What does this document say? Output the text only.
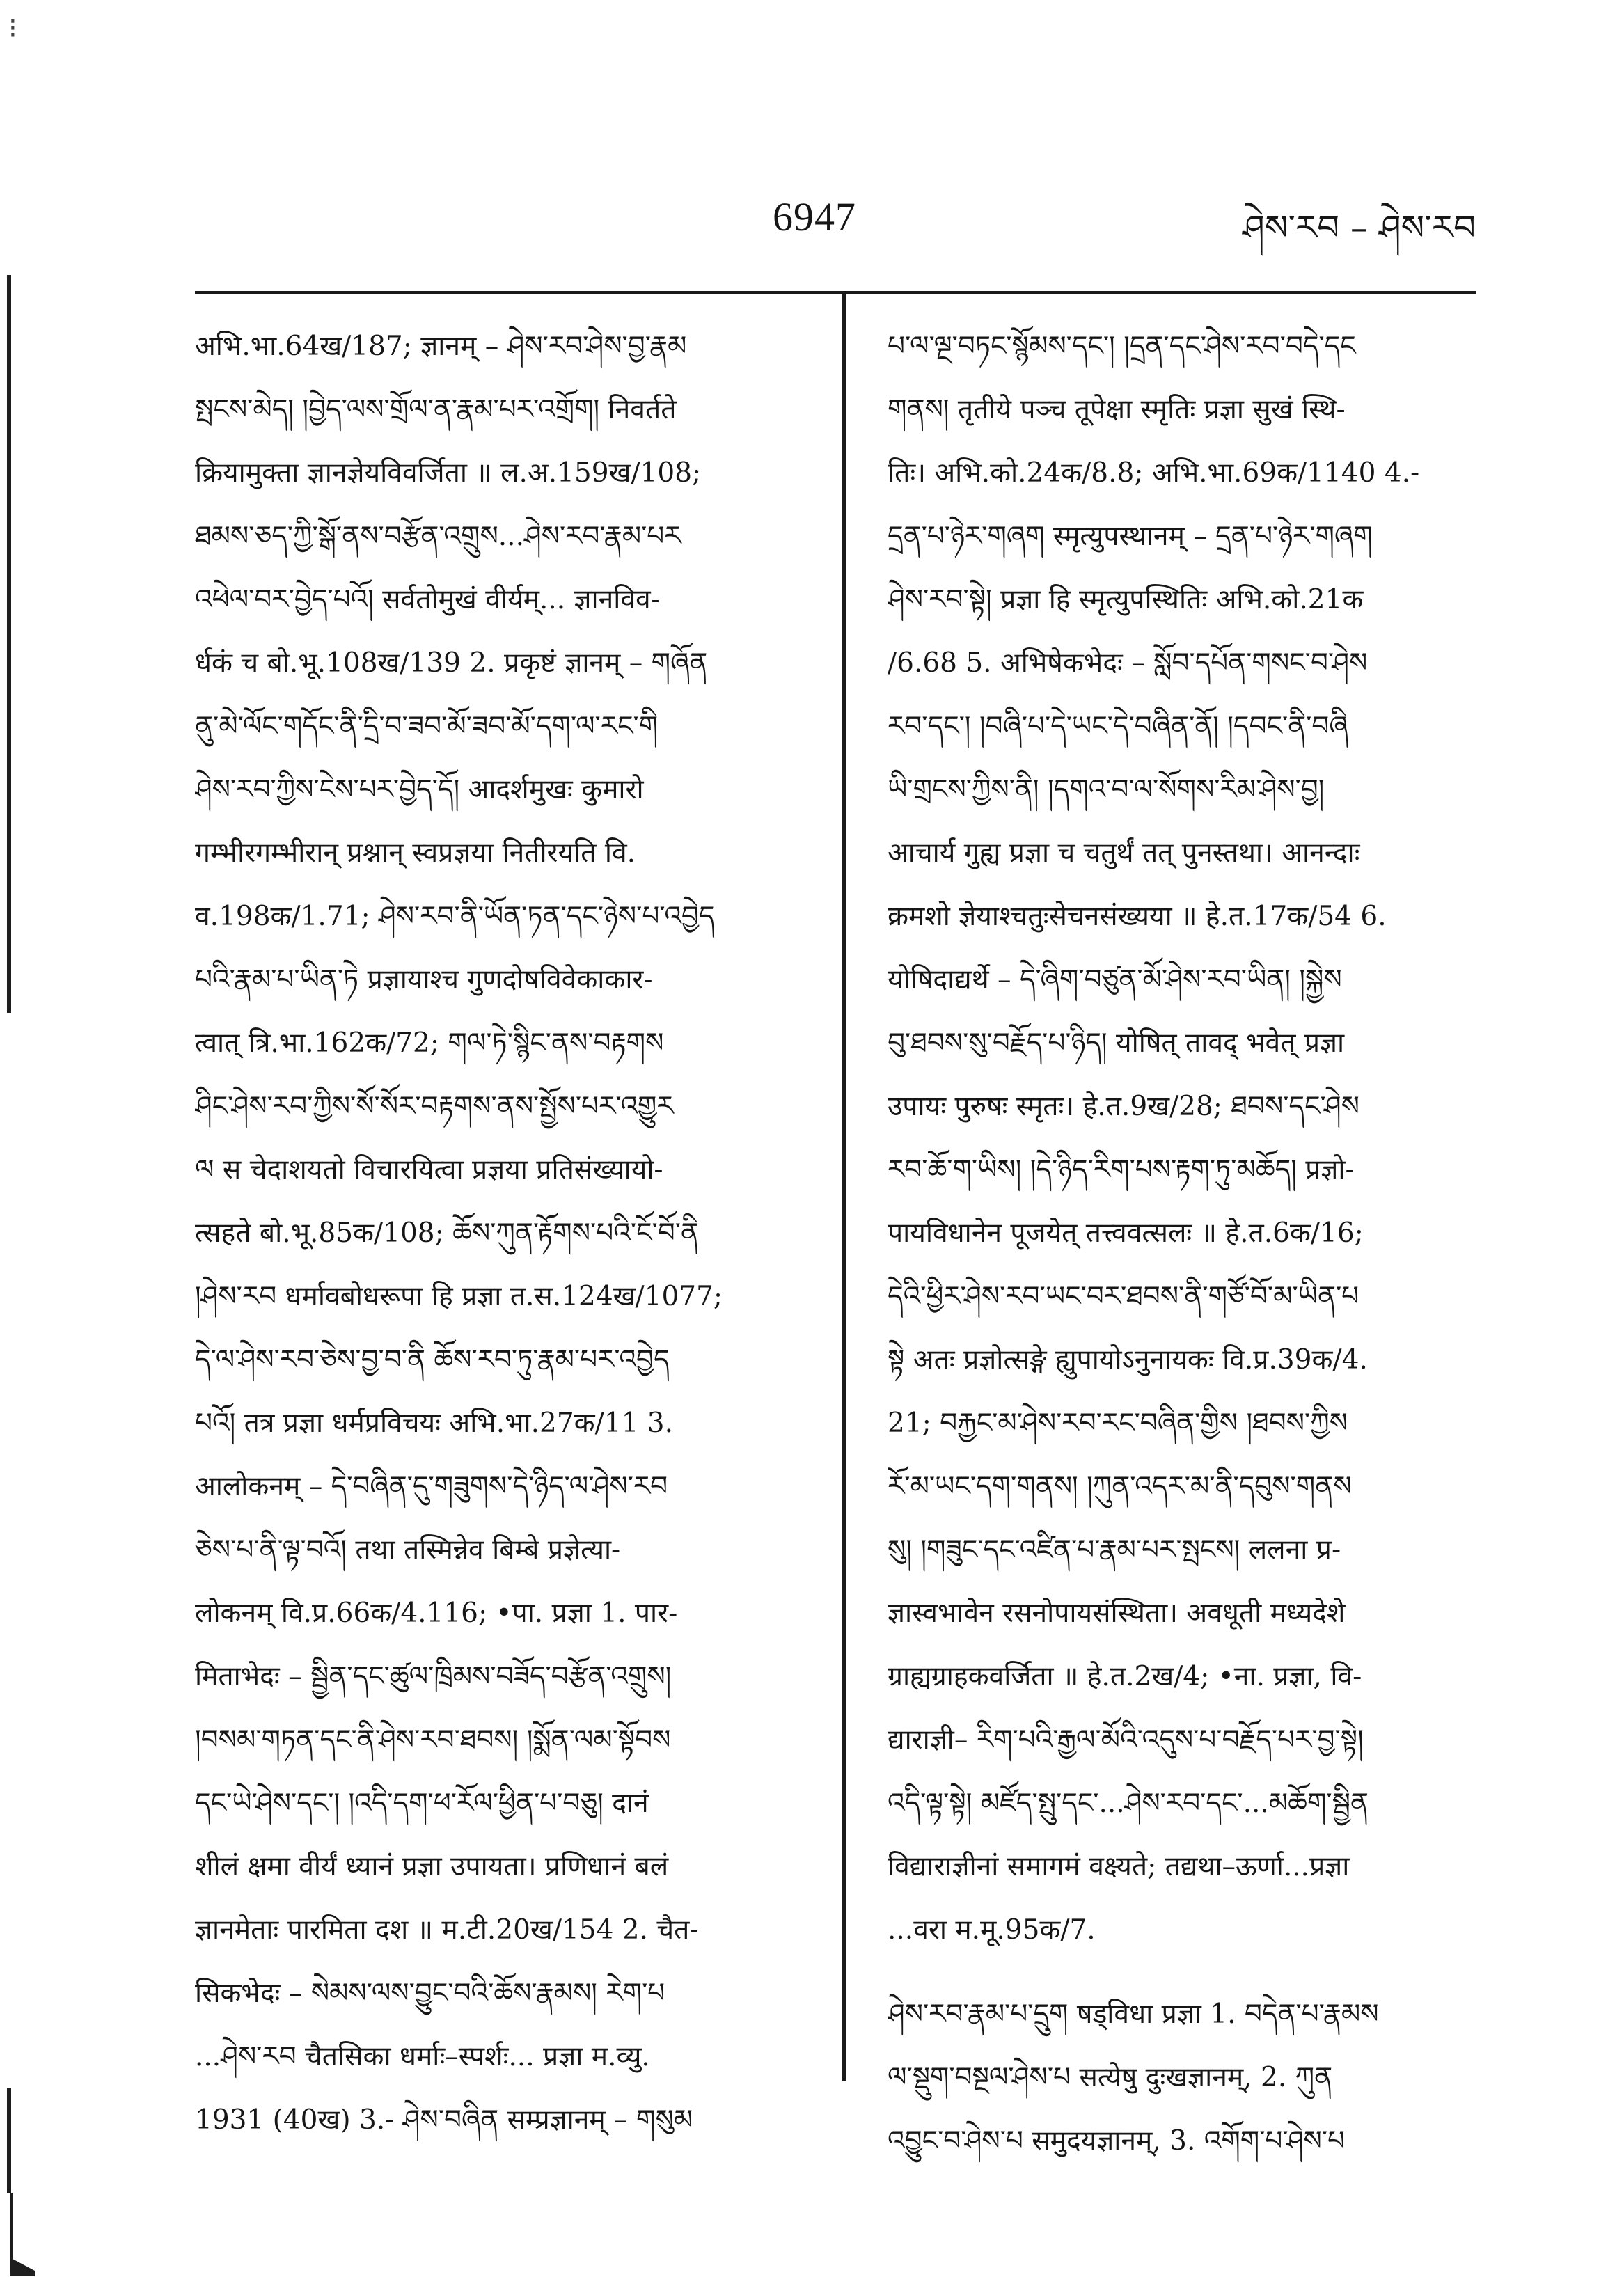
⁝
6947	ཤེས་རབ – ཤེས་རབ
अभि.भा.64ख/187; ज्ञानम् – ཤེས་རབ་ཤེས་བྱ་རྣམ
སྤངས་མེད། །བྱེད་ལས་གྲོལ་ན་རྣམ་པར་འགྲོག། निवर्तते
क्रियामुक्ता ज्ञानज्ञेयविवर्जिता ॥ ल.अ.159ख/108;
ཐམས་ཅད་ཀྱི་སྒོ་ནས་བརྩོན་འགྲུས...ཤེས་རབ་རྣམ་པར
འཕེལ་བར་བྱེད་པའོ། सर्वतोमुखं वीर्यम्... ज्ञानविव-
र्धकं च बो.भू.108ख/139 2. प्रकृष्टं ज्ञानम् – གཞོན
ནུ་མེ་ལོང་གདོང་ནི་དྲི་བ་ཟབ་མོ་ཟབ་མོ་དག་ལ་རང་གི
ཤེས་རབ་ཀྱིས་ངེས་པར་བྱེད་དོ། आदर्शमुखः कुमारो
गम्भीरगम्भीरान् प्रश्नान् स्वप्रज्ञया नितीरयति वि.
व.198क/1.71; ཤེས་རབ་ནི་ཡོན་ཏན་དང་ཉེས་པ་འབྱེད
པའི་རྣམ་པ་ཡིན་ཏེ प्रज्ञायाश्च गुणदोषविवेकाकार-
त्वात् त्रि.भा.162क/72; གལ་ཏེ་སྙིང་ནས་བརྟགས
ཤིང་ཤེས་རབ་ཀྱིས་སོ་སོར་བརྟགས་ནས་སྤྱོས་པར་འགྱུར
ལ स चेदाशयतो विचारयित्वा प्रज्ञया प्रतिसंख्यायो-
त्सहते बो.भू.85क/108; ཆོས་ཀུན་རྟོགས་པའི་ངོ་བོ་ནི
།ཤེས་རབ धर्मावबोधरूपा हि प्रज्ञा त.स.124ख/1077;
དེ་ལ་ཤེས་རབ་ཅེས་བྱ་བ་ནི ཆོས་རབ་ཏུ་རྣམ་པར་འབྱེད
པའོ། तत्र प्रज्ञा धर्मप्रविचयः अभि.भा.27क/11 3.
आलोकनम् – དེ་བཞིན་དུ་གཟུགས་དེ་ཉིད་ལ་ཤེས་རབ
ཅེས་པ་ནི་ལྟ་བའོ། तथा तस्मिन्नेव बिम्बे प्रज्ञेत्या-
लोकनम् वि.प्र.66क/4.116; •पा. प्रज्ञा 1. पार-
मिताभेदः – སྦྱིན་དང་ཚུལ་ཁྲིམས་བཟོད་བརྩོན་འགྲུས།
།བསམ་གཏན་དང་ནི་ཤེས་རབ་ཐབས། །སྨོན་ལམ་སྟོབས
དང་ཡེ་ཤེས་དང་། །འདི་དག་ཕ་རོལ་ཕྱིན་པ་བཅུ། दानं
शीलं क्षमा वीर्यं ध्यानं प्रज्ञा उपायता। प्रणिधानं बलं
ज्ञानमेताः पारमिता दश ॥ म.टी.20ख/154 2. चैत-
सिकभेदः – སེམས་ལས་བྱུང་བའི་ཆོས་རྣམས། རེག་པ
...ཤེས་རབ चैतसिका धर्माः–स्पर्शः... प्रज्ञा म.व्यु.
1931 (40ख) 3.- ཤེས་བཞིན सम्प्रज्ञानम् – གསུམ
པ་ལ་ལྔ་བཏང་སྙོམས་དང་། །དྲན་དང་ཤེས་རབ་བདེ་དང
གནས། तृतीये पञ्च तूपेक्षा स्मृतिः प्रज्ञा सुखं स्थि-
तिः। अभि.को.24क/8.8; अभि.भा.69क/1140 4.-
དྲན་པ་ཉེར་གཞག स्मृत्युपस्थानम् – དྲན་པ་ཉེར་གཞག
ཤེས་རབ་སྟེ། प्रज्ञा हि स्मृत्युपस्थितिः अभि.को.21क
/6.68 5. अभिषेकभेदः – སློབ་དཔོན་གསང་བ་ཤེས
རབ་དང་། །བཞི་པ་དེ་ཡང་དེ་བཞིན་ནོ། །དབང་ནི་བཞི
ཡི་གྲངས་ཀྱིས་ནི། །དགའ་བ་ལ་སོགས་རིམ་ཤེས་བྱ།
आचार्य गुह्य प्रज्ञा च चतुर्थं तत् पुनस्तथा। आनन्दाः
क्रमशो ज्ञेयाश्चतुःसेचनसंख्यया ॥ हे.त.17क/54 6.
योषिदाद्यर्थे – དེ་ཞིག་བཙུན་མོ་ཤེས་རབ་ཡིན། །སྐྱེས
བུ་ཐབས་སུ་བརྗོད་པ་ཉིད། योषित् तावद् भवेत् प्रज्ञा
उपायः पुरुषः स्मृतः। हे.त.9ख/28; ཐབས་དང་ཤེས
རབ་ཆོ་ག་ཡིས། །དེ་ཉིད་རིག་པས་རྟག་ཏུ་མཆོད། प्रज्ञो-
पायविधानेन पूजयेत् तत्त्ववत्सलः ॥ हे.त.6क/16;
དེའི་ཕྱིར་ཤེས་རབ་ཡང་བར་ཐབས་ནི་གཙོ་བོ་མ་ཡིན་པ
སྟེ अतः प्रज्ञोत्सङ्गे ह्युपायोऽनुनायकः वि.प्र.39क/4.
21; བརྐྱང་མ་ཤེས་རབ་རང་བཞིན་གྱིས །ཐབས་ཀྱིས
རོ་མ་ཡང་དག་གནས། །ཀུན་འདར་མ་ནི་དབུས་གནས
སུ། །གཟུང་དང་འཛིན་པ་རྣམ་པར་སྤངས། ललना प्र-
ज्ञास्वभावेन रसनोपायसंस्थिता। अवधूती मध्यदेशे
ग्राह्यग्राहकवर्जिता ॥ हे.त.2ख/4; •ना. प्रज्ञा, वि-
द्याराज्ञी– རིག་པའི་རྒྱལ་མོའི་འདུས་པ་བརྗོད་པར་བྱ་སྟེ།
འདི་ལྟ་སྟེ། མཛོད་སྤུ་དང་...ཤེས་རབ་དང་...མཆོག་སྦྱིན
विद्याराज्ञीनां समागमं वक्ष्यते; तद्यथा–ऊर्णा...प्रज्ञा
...वरा म.मू.95क/7.
ཤེས་རབ་རྣམ་པ་དྲུག षड्विधा प्रज्ञा 1. བདེན་པ་རྣམས
ལ་སྡུག་བསྔལ་ཤེས་པ सत्येषु दुःखज्ञानम्, 2. ཀུན
འབྱུང་བ་ཤེས་པ समुदयज्ञानम्, 3. འགོག་པ་ཤེས་པ
